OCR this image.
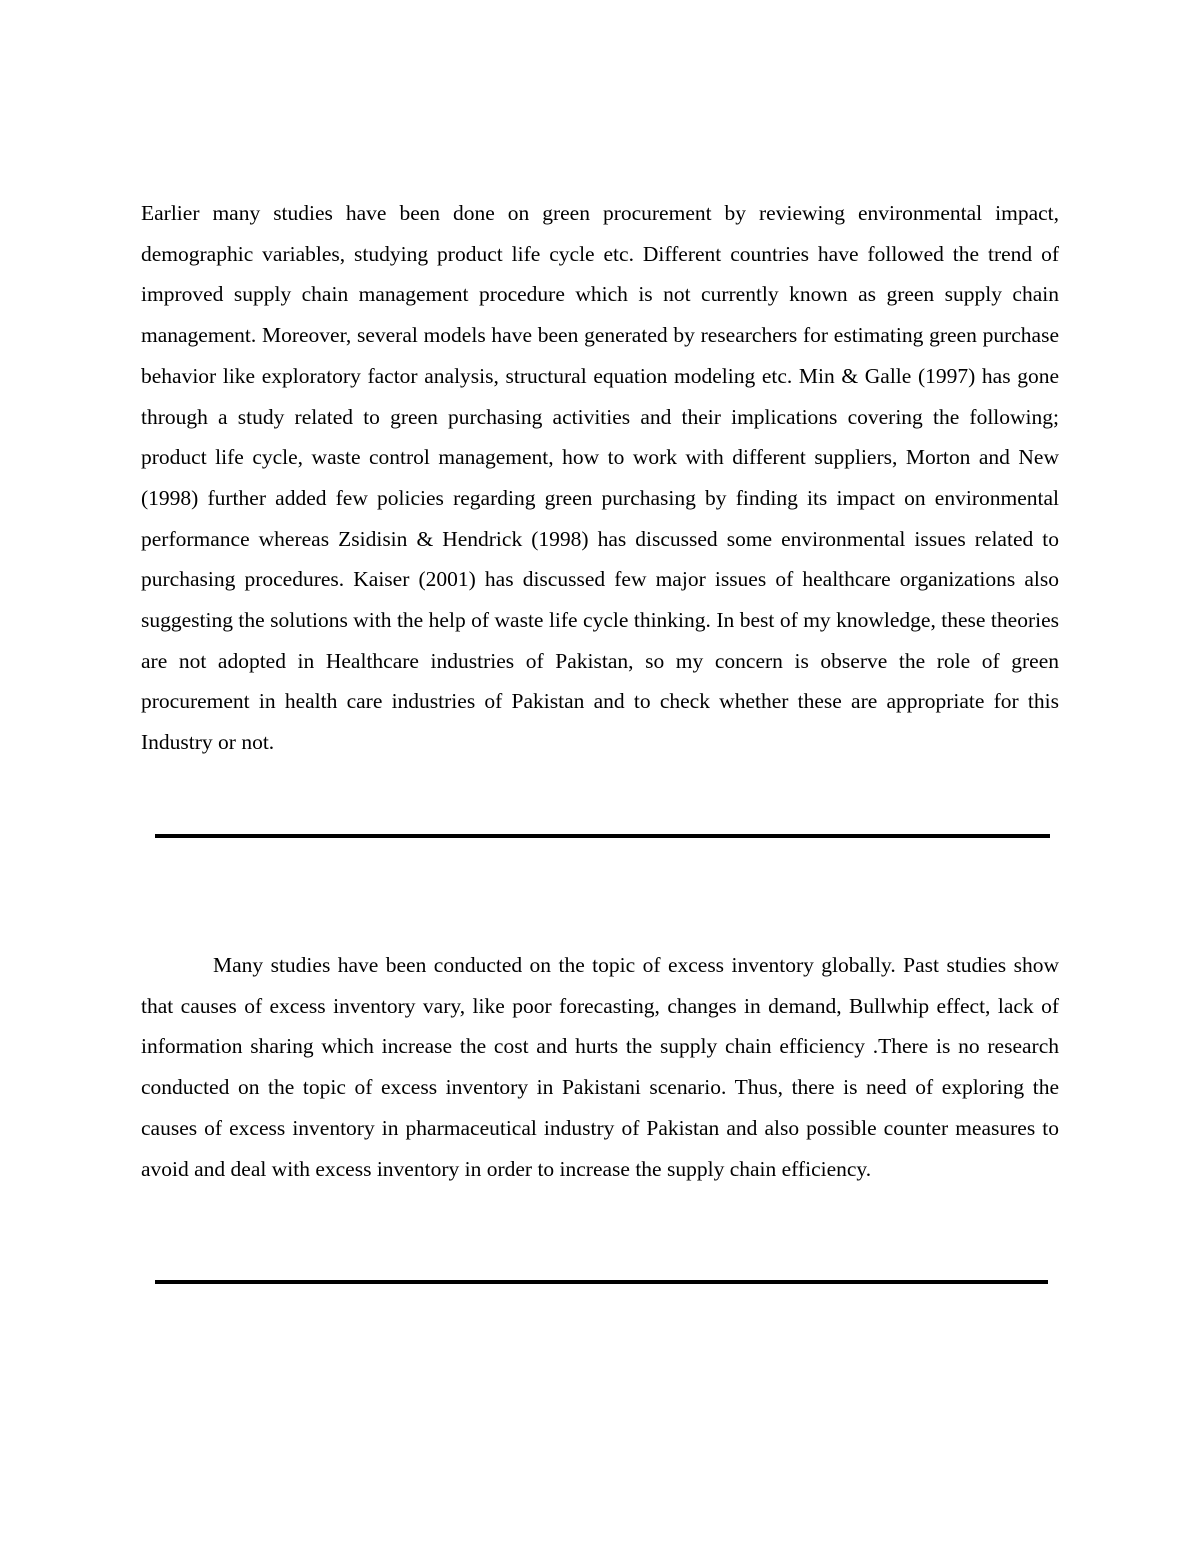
Earlier many studies have been done on green procurement by reviewing environmental impact, demographic variables, studying product life cycle etc. Different countries have followed the trend of improved supply chain management procedure which is not currently known as green supply chain management. Moreover, several models have been generated by researchers for estimating green purchase behavior like exploratory factor analysis, structural equation modeling etc. Min & Galle (1997) has gone through a study related to green purchasing activities and their implications covering the following; product life cycle, waste control management, how to work with different suppliers, Morton and New (1998) further added few policies regarding green purchasing by finding its impact on environmental performance whereas Zsidisin & Hendrick (1998) has discussed some environmental issues related to purchasing procedures. Kaiser (2001) has discussed few major issues of healthcare organizations also suggesting the solutions with the help of waste life cycle thinking. In best of my knowledge, these theories are not adopted in Healthcare industries of Pakistan, so my concern is observe the role of green procurement in health care industries of Pakistan and to check whether these are appropriate for this Industry or not.

Many studies have been conducted on the topic of excess inventory globally. Past studies show that causes of excess inventory vary, like poor forecasting, changes in demand, Bullwhip effect, lack of information sharing which increase the cost and hurts the supply chain efficiency .There is no research conducted on the topic of excess inventory in Pakistani scenario. Thus, there is need of exploring the causes of excess inventory in pharmaceutical industry of Pakistan and also possible counter measures to avoid and deal with excess inventory in order to increase the supply chain efficiency.
